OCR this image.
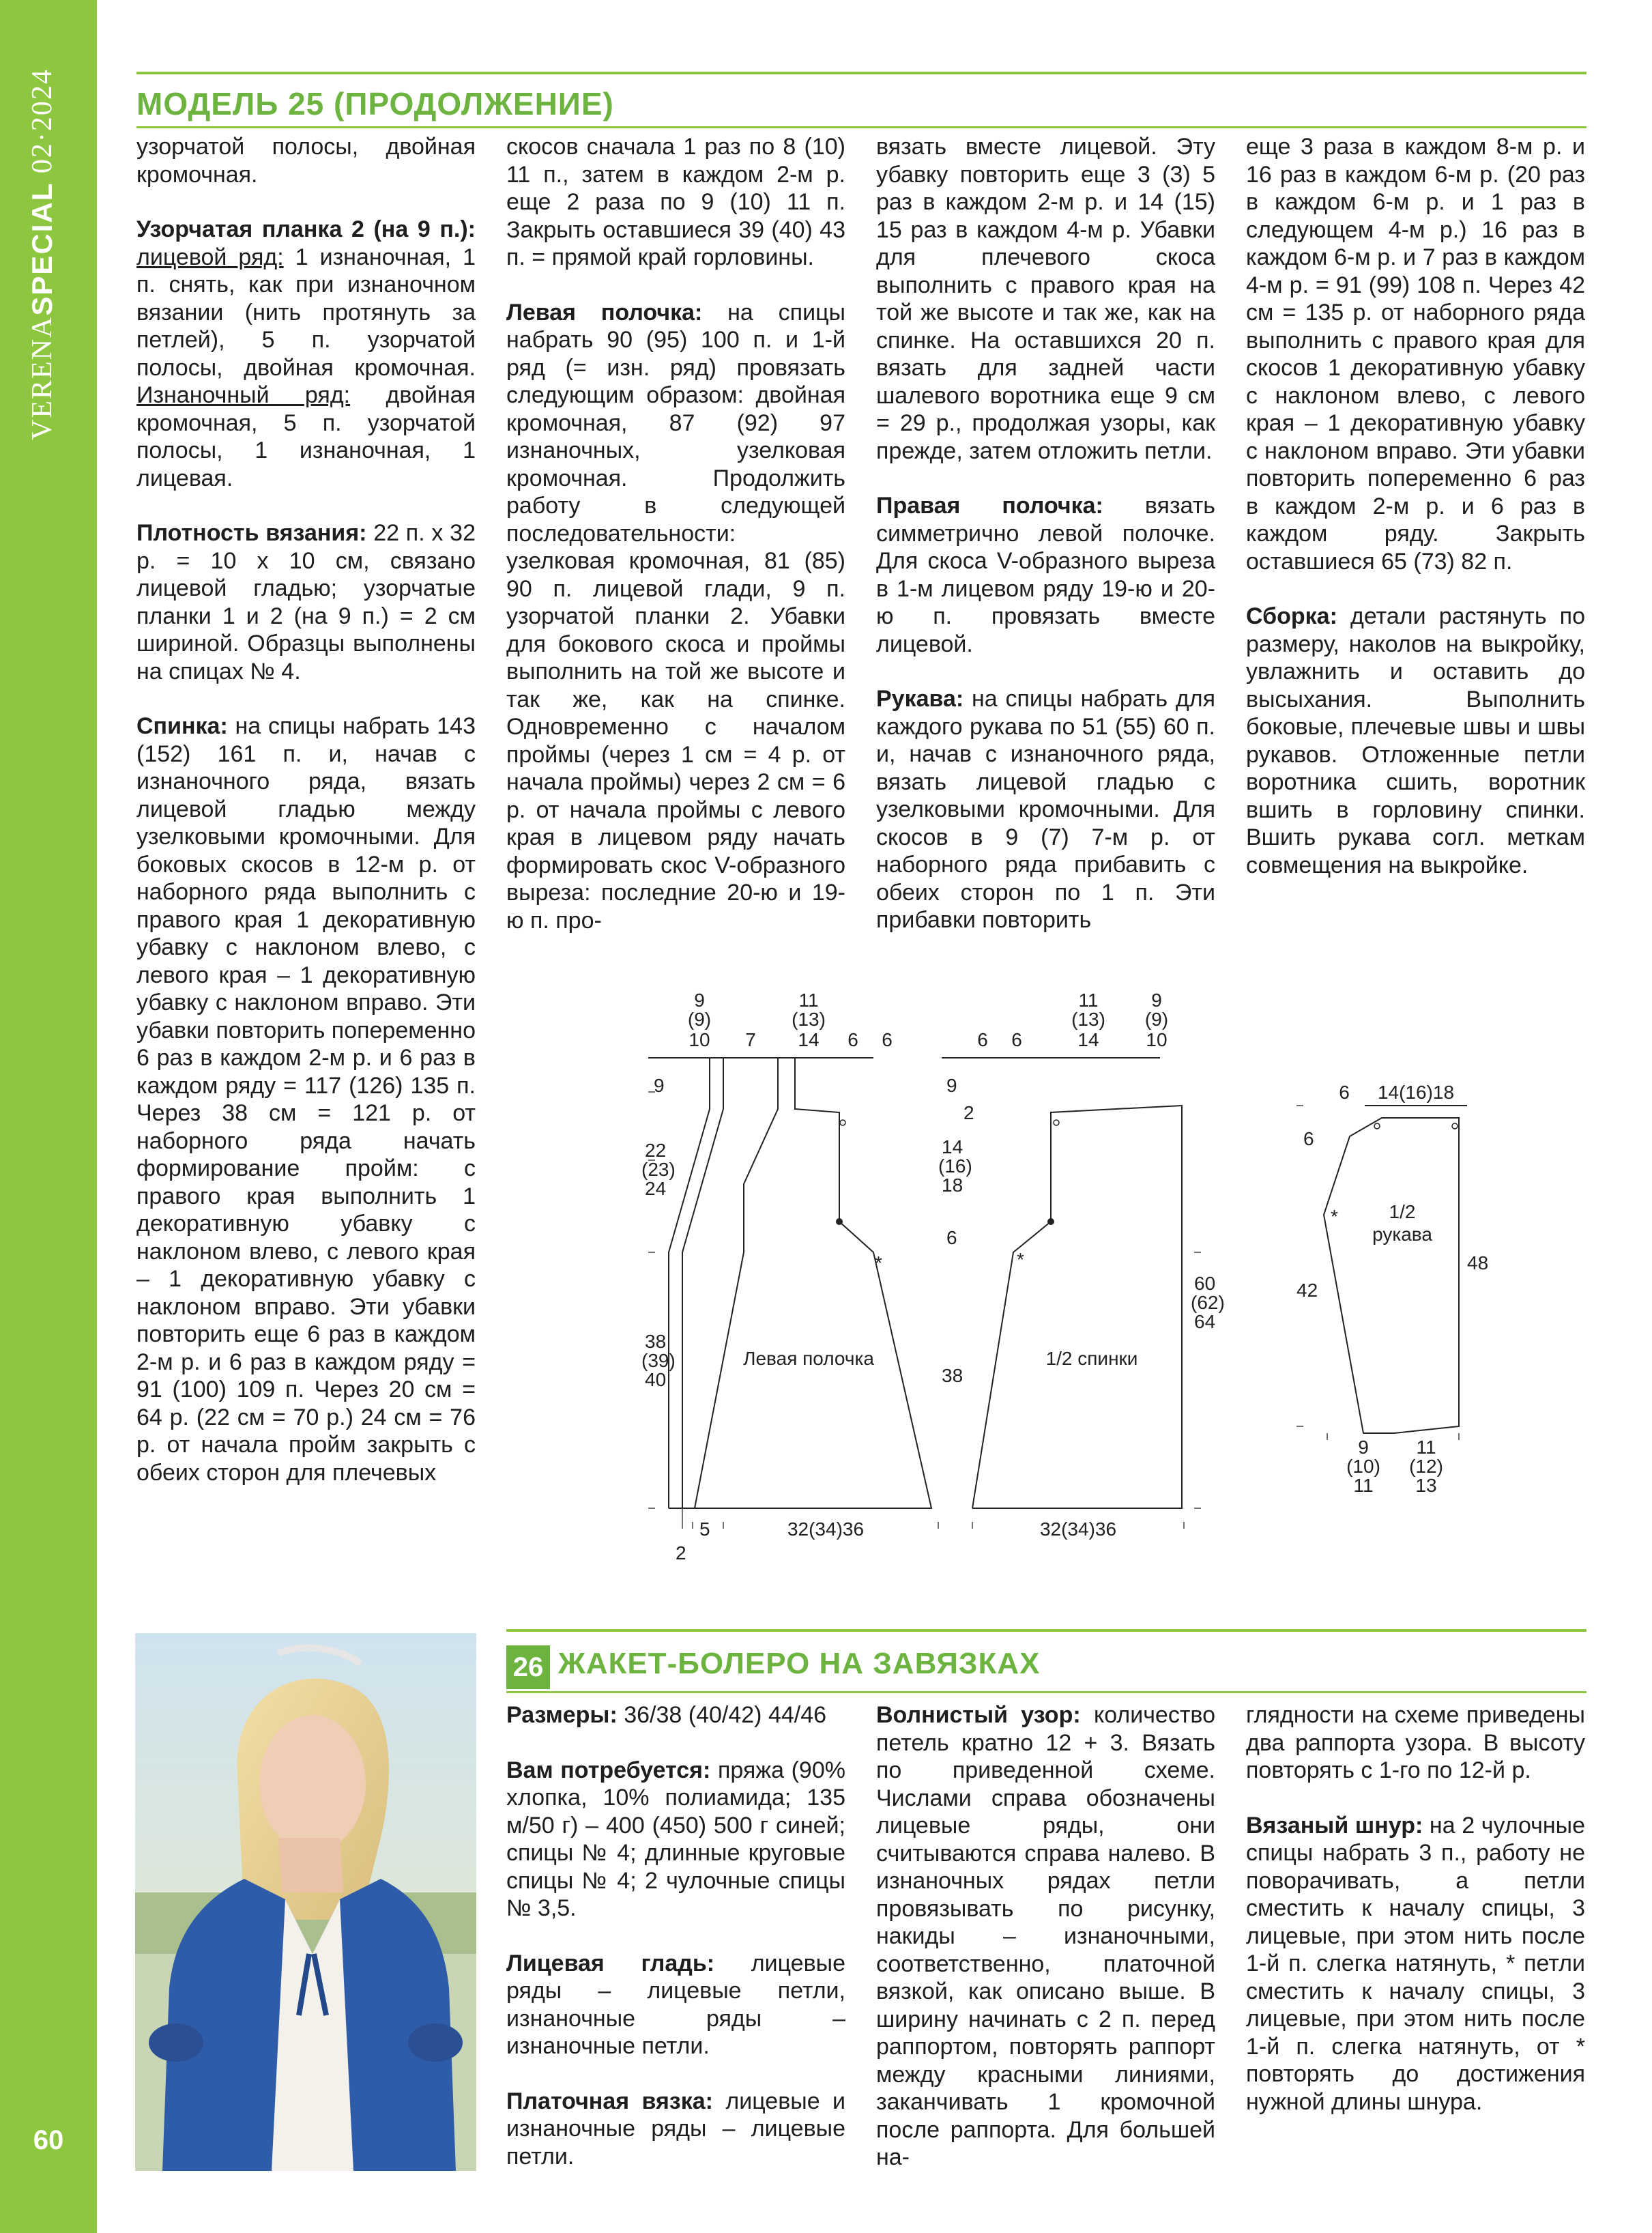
VERENASPECIAL 02·2024
60
МОДЕЛЬ 25 (ПРОДОЛЖЕНИЕ)

узорчатой полосы, двойная кромочная.

Узорчатая планка 2 (на 9 п.): лицевой ряд: 1 изнаночная, 1 п. снять, как при изнаночном вязании (нить протянуть за петлей), 5 п. узорчатой полосы, двойная кромочная. Изнаночный ряд: двойная кромочная, 5 п. узорчатой полосы, 1 изнаночная, 1 лицевая.

Плотность вязания: 22 п. х 32 р. = 10 х 10 см, связано лицевой гладью; узорчатые планки 1 и 2 (на 9 п.) = 2 см шириной. Образцы выполнены на спицах № 4.

Спинка: на спицы набрать 143 (152) 161 п. и, начав с изнаночного ряда, вязать лицевой гладью между узелковыми кромочными. Для боковых скосов в 12-м р. от наборного ряда выполнить с правого края 1 декоративную убавку с наклоном влево, с левого края – 1 декоративную убавку с наклоном вправо. Эти убавки повторить попеременно 6 раз в каждом 2-м р. и 6 раз в каждом ряду = 117 (126) 135 п. Через 38 см = 121 р. от наборного ряда начать формирование пройм: с правого края выполнить 1 декоративную убавку с наклоном влево, с левого края – 1 декоративную убавку с наклоном вправо. Эти убавки повторить еще 6 раз в каждом 2-м р. и 6 раз в каждом ряду = 91 (100) 109 п. Через 20 см = 64 р. (22 см = 70 р.) 24 см = 76 р. от начала пройм закрыть с обеих сторон для плечевых

скосов сначала 1 раз по 8 (10) 11 п., затем в каждом 2-м р. еще 2 раза по 9 (10) 11 п. Закрыть оставшиеся 39 (40) 43 п. = прямой край горловины.

Левая полочка: на спицы набрать 90 (95) 100 п. и 1-й ряд (= изн. ряд) провязать следующим образом: двойная кромочная, 87 (92) 97 изнаночных, узелковая кромочная. Продолжить работу в следующей последовательности: узелковая кромочная, 81 (85) 90 п. лицевой глади, 9 п. узорчатой планки 2. Убавки для бокового скоса и проймы выполнить на той же высоте и так же, как на спинке. Одновременно с началом проймы (через 1 см = 4 р. от начала проймы) через 2 см = 6 р. от начала проймы с левого края в лицевом ряду начать формировать скос V-образного выреза: последние 20-ю и 19-ю п. про-

вязать вместе лицевой. Эту убавку повторить еще 3 (3) 5 раз в каждом 2-м р. и 14 (15) 15 раз в каждом 4-м р. Убавки для плечевого скоса выполнить с правого края на той же высоте и так же, как на спинке. На оставшихся 20 п. вязать для задней части шалевого воротника еще 9 см = 29 р., продолжая узоры, как прежде, затем отложить петли.

Правая полочка: вязать симметрично левой полочке. Для скоса V-образного выреза в 1-м лицевом ряду 19-ю и 20-ю п. провязать вместе лицевой.

Рукава: на спицы набрать для каждого рукава по 51 (55) 60 п. и, начав с изнаночного ряда, вязать лицевой гладью с узелковыми кромочными. Для скосов в 9 (7) 7-м р. от наборного ряда прибавить с обеих сторон по 1 п. Эти прибавки повторить

еще 3 раза в каждом 8-м р. и 16 раз в каждом 6-м р. (20 раз в каждом 6-м р. и 1 раз в следующем 4-м р.) 16 раз в каждом 6-м р. и 7 раз в каждом 4-м р. = 91 (99) 108 п. Через 42 см = 135 р. от наборного ряда выполнить с правого края для скосов 1 декоративную убавку с наклоном влево, с левого края – 1 декоративную убавку с наклоном вправо. Эти убавки повторить попеременно 6 раз в каждом 2-м р. и 6 раз в каждом ряду. Закрыть оставшиеся 65 (73) 82 п.

Сборка: детали растянуть по размеру, наколов на выкройку, увлажнить и оставить до высыхания. Выполнить боковые, плечевые швы и швы рукавов. Отложенные петли воротника сшить, воротник вшить в горловину спинки. Вшить рукава согл. меткам совмещения на выкройке.

*	*
*
9
(9)
10 7
11
(13)
14 6 6
9
22
(23)
24
38
(39)
40
2
5	32(34)36
Левая полочка
6 6
11
(13)
14
9
(9)
10
9
2
14
(16)
18
6
38
60
(62)
64
32(34)36
1/2 спинки
6 14(16)18
6
42
48
9
(10)
11
11
(12)
13
1/2
рукава
26 ЖАКЕТ-БОЛЕРО НА ЗАВЯЗКАХ

Размеры: 36/38 (40/42) 44/46

Вам потребуется: пряжа (90% хлопка, 10% полиамида; 135 м/50 г) – 400 (450) 500 г синей; спицы № 4; длинные круговые спицы № 4; 2 чулочные спицы № 3,5.

Лицевая гладь: лицевые ряды – лицевые петли, изнаночные ряды – изнаночные петли.

Платочная вязка: лицевые и изнаночные ряды – лицевые петли.

Волнистый узор: количество петель кратно 12 + 3. Вязать по приведенной схеме. Числами справа обозначены лицевые ряды, они считываются справа налево. В изнаночных рядах петли провязывать по рисунку, накиды – изнаночными, соответственно, платочной вязкой, как описано выше. В ширину начинать с 2 п. перед раппортом, повторять раппорт между красными линиями, заканчивать 1 кромочной после раппорта. Для большей на-

глядности на схеме приведены два раппорта узора. В высоту повторять с 1-го по 12-й р.

Вязаный шнур: на 2 чулочные спицы набрать 3 п., работу не поворачивать, а петли сместить к началу спицы, 3 лицевые, при этом нить после 1-й п. слегка натянуть, * петли сместить к началу спицы, 3 лицевые, при этом нить после 1-й п. слегка натянуть, от * повторять до достижения нужной длины шнура.
